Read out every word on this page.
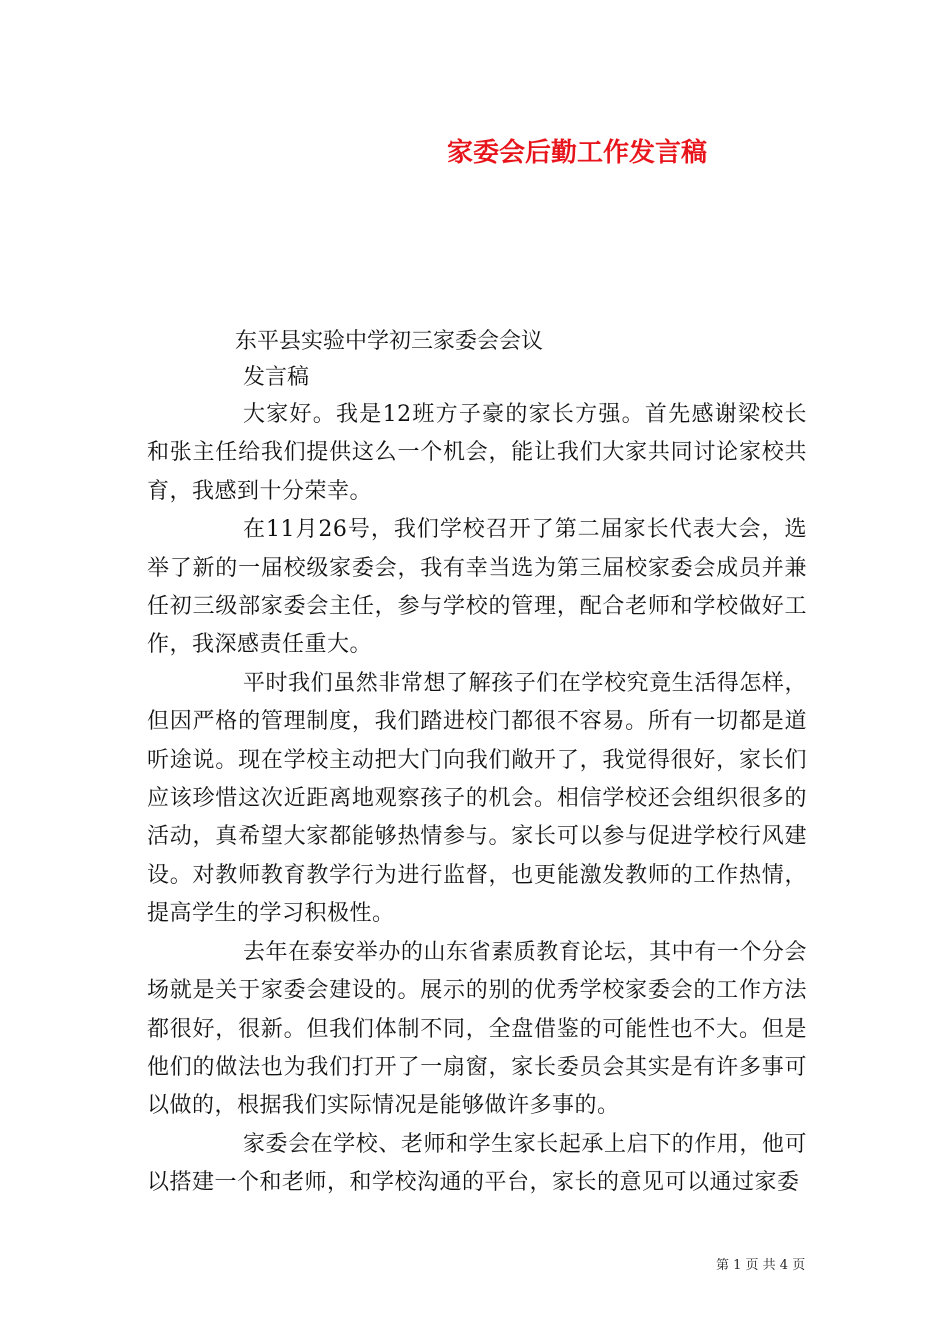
家委会后勤工作发言稿
东平县实验中学初三家委会会议
发言稿

大家好。我是12班方子豪的家长方强。首先感谢梁校长和张主任给我们提供这么一个机会，能让我们大家共同讨论家校共育，我感到十分荣幸。

在11月26号，我们学校召开了第二届家长代表大会，选举了新的一届校级家委会，我有幸当选为第三届校家委会成员并兼任初三级部家委会主任，参与学校的管理，配合老师和学校做好工作，我深感责任重大。

平时我们虽然非常想了解孩子们在学校究竟生活得怎样，但因严格的管理制度，我们踏进校门都很不容易。所有一切都是道听途说。现在学校主动把大门向我们敞开了，我觉得很好，家长们应该珍惜这次近距离地观察孩子的机会。相信学校还会组织很多的活动，真希望大家都能够热情参与。家长可以参与促进学校行风建设。对教师教育教学行为进行监督，也更能激发教师的工作热情，提高学生的学习积极性。

去年在泰安举办的山东省素质教育论坛，其中有一个分会场就是关于家委会建设的。展示的别的优秀学校家委会的工作方法都很好，很新。但我们体制不同，全盘借鉴的可能性也不大。但是他们的做法也为我们打开了一扇窗，家长委员会其实是有许多事可以做的，根据我们实际情况是能够做许多事的。

家委会在学校、老师和学生家长起承上启下的作用，他可以搭建一个和老师，和学校沟通的平台，家长的意见可以通过家委

第 1 页 共 4 页
